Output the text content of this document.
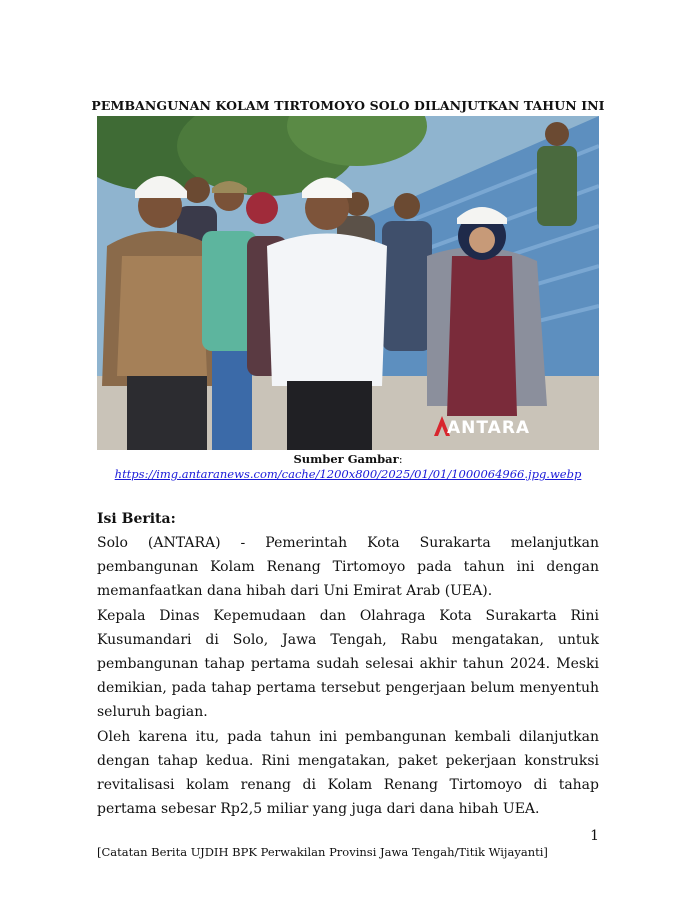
PEMBANGUNAN KOLAM TIRTOMOYO SOLO DILANJUTKAN TAHUN INI
ANTARA
Sumber Gambar:
https://img.antaranews.com/cache/1200x800/2025/01/01/1000064966.jpg.webp
Isi Berita:

Solo (ANTARA) - Pemerintah Kota Surakarta melanjutkan pembangunan Kolam Renang Tirtomoyo pada tahun ini dengan memanfaatkan dana hibah dari Uni Emirat Arab (UEA).

Kepala Dinas Kepemudaan dan Olahraga Kota Surakarta Rini Kusumandari di Solo, Jawa Tengah, Rabu mengatakan, untuk pembangunan tahap pertama sudah selesai akhir tahun 2024. Meski demikian, pada tahap pertama tersebut pengerjaan belum menyentuh seluruh bagian.

Oleh karena itu, pada tahun ini pembangunan kembali dilanjutkan dengan tahap kedua. Rini mengatakan, paket pekerjaan konstruksi revitalisasi kolam renang di Kolam Renang Tirtomoyo di tahap pertama sebesar Rp2,5 miliar yang juga dari dana hibah UEA.

1
[Catatan Berita UJDIH BPK Perwakilan Provinsi Jawa Tengah/Titik Wijayanti]
